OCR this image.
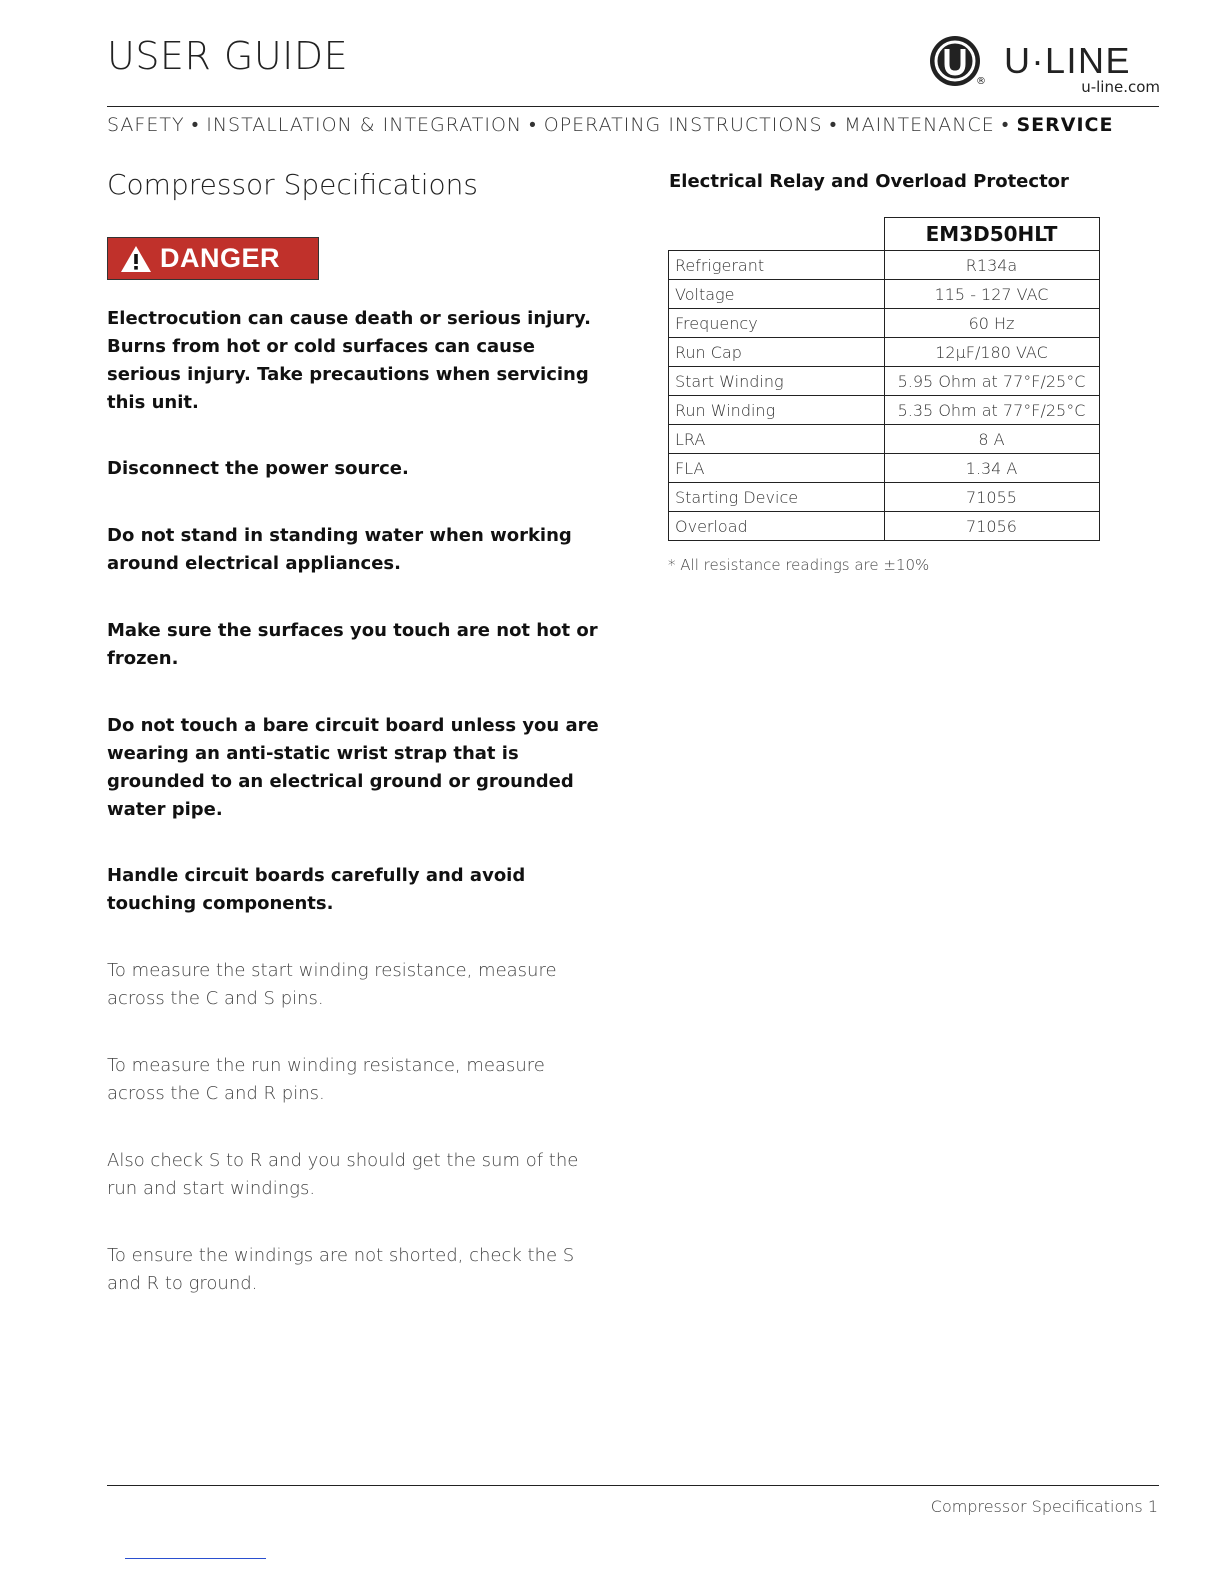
USER GUIDE
®
U·LINE
u-line.com
SAFETY • INSTALLATION & INTEGRATION • OPERATING INSTRUCTIONS • MAINTENANCE • SERVICE
Compressor Specifications
DANGER
Electrocution can cause death or serious injury. Burns from hot or cold surfaces can cause serious injury. Take precautions when servicing this unit.
Disconnect the power source.
Do not stand in standing water when working around electrical appliances.
Make sure the surfaces you touch are not hot or frozen.
Do not touch a bare circuit board unless you are wearing an anti-static wrist strap that is grounded to an electrical ground or grounded water pipe.
Handle circuit boards carefully and avoid touching components.
To measure the start winding resistance, measure across the C and S pins.
To measure the run winding resistance, measure across the C and R pins.
Also check S to R and you should get the sum of the run and start windings.
To ensure the windings are not shorted, check the S and R to ground.
Electrical Relay and Overload Protector
	EM3D50HLT
Refrigerant	R134a
Voltage	115 - 127 VAC
Frequency	60 Hz
Run Cap	12µF/180 VAC
Start Winding	5.95 Ohm at 77°F/25°C
Run Winding	5.35 Ohm at 77°F/25°C
LRA	8 A
FLA	1.34 A
Starting Device	71055
Overload	71056
* All resistance readings are ±10%
Compressor Specifications 1
